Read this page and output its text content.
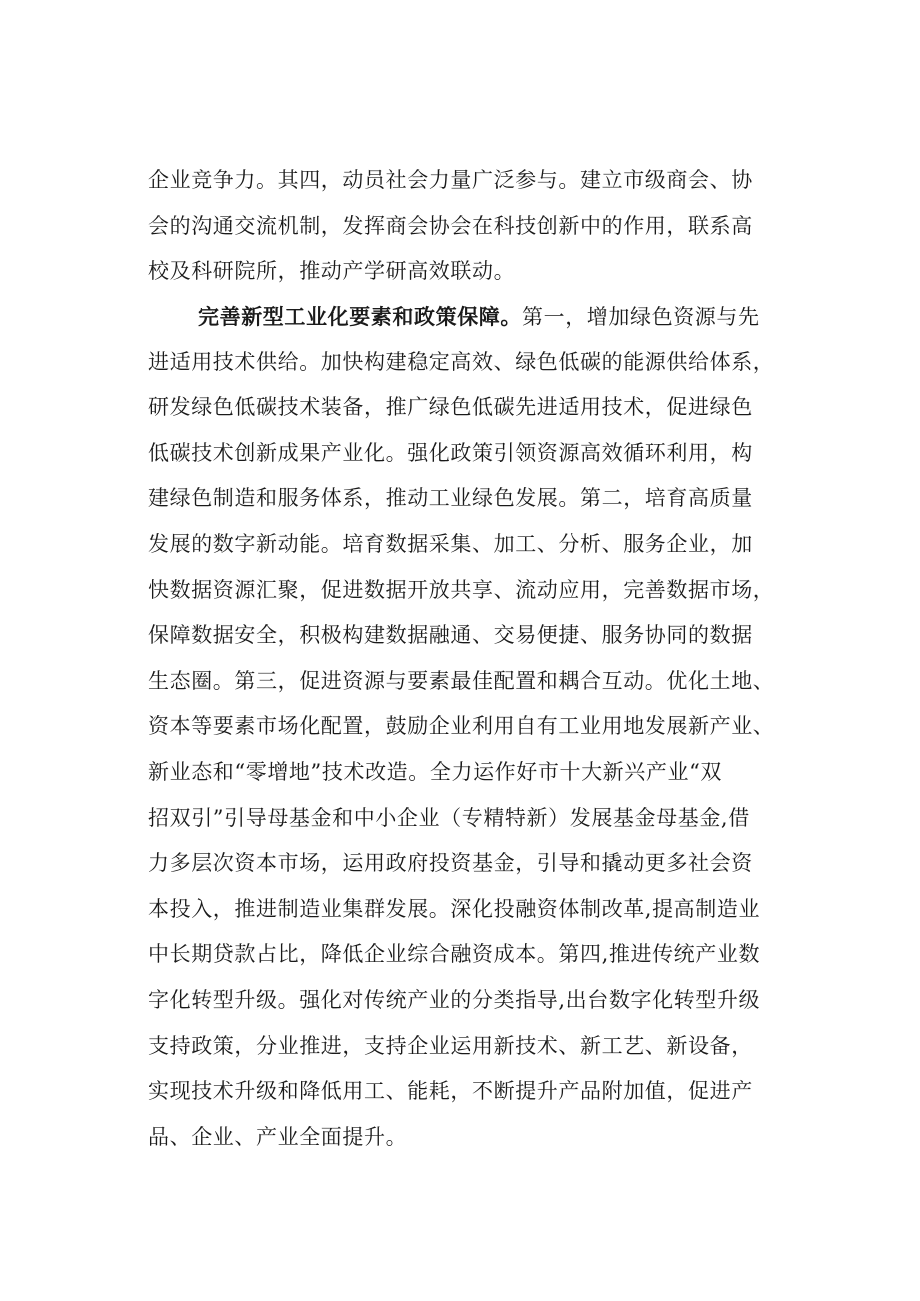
企业竞争力。其四，动员社会力量广泛参与。建立市级商会、协
会的沟通交流机制，发挥商会协会在科技创新中的作用，联系高
校及科研院所，推动产学研高效联动。
完善新型工业化要素和政策保障。第一，增加绿色资源与先
进适用技术供给。加快构建稳定高效、绿色低碳的能源供给体系，
研发绿色低碳技术装备，推广绿色低碳先进适用技术，促进绿色
低碳技术创新成果产业化。强化政策引领资源高效循环利用，构
建绿色制造和服务体系，推动工业绿色发展。第二，培育高质量
发展的数字新动能。培育数据采集、加工、分析、服务企业，加
快数据资源汇聚，促进数据开放共享、流动应用，完善数据市场，
保障数据安全，积极构建数据融通、交易便捷、服务协同的数据
生态圈。第三，促进资源与要素最佳配置和耦合互动。优化土地、
资本等要素市场化配置，鼓励企业利用自有工业用地发展新产业、
新业态和“零增地”技术改造。全力运作好市十大新兴产业“双
招双引”引导母基金和中小企业（专精特新）发展基金母基金,借
力多层次资本市场，运用政府投资基金，引导和撬动更多社会资
本投入，推进制造业集群发展。深化投融资体制改革,提高制造业
中长期贷款占比，降低企业综合融资成本。第四,推进传统产业数
字化转型升级。强化对传统产业的分类指导,出台数字化转型升级
支持政策，分业推进，支持企业运用新技术、新工艺、新设备，
实现技术升级和降低用工、能耗，不断提升产品附加值，促进产
品、企业、产业全面提升。
